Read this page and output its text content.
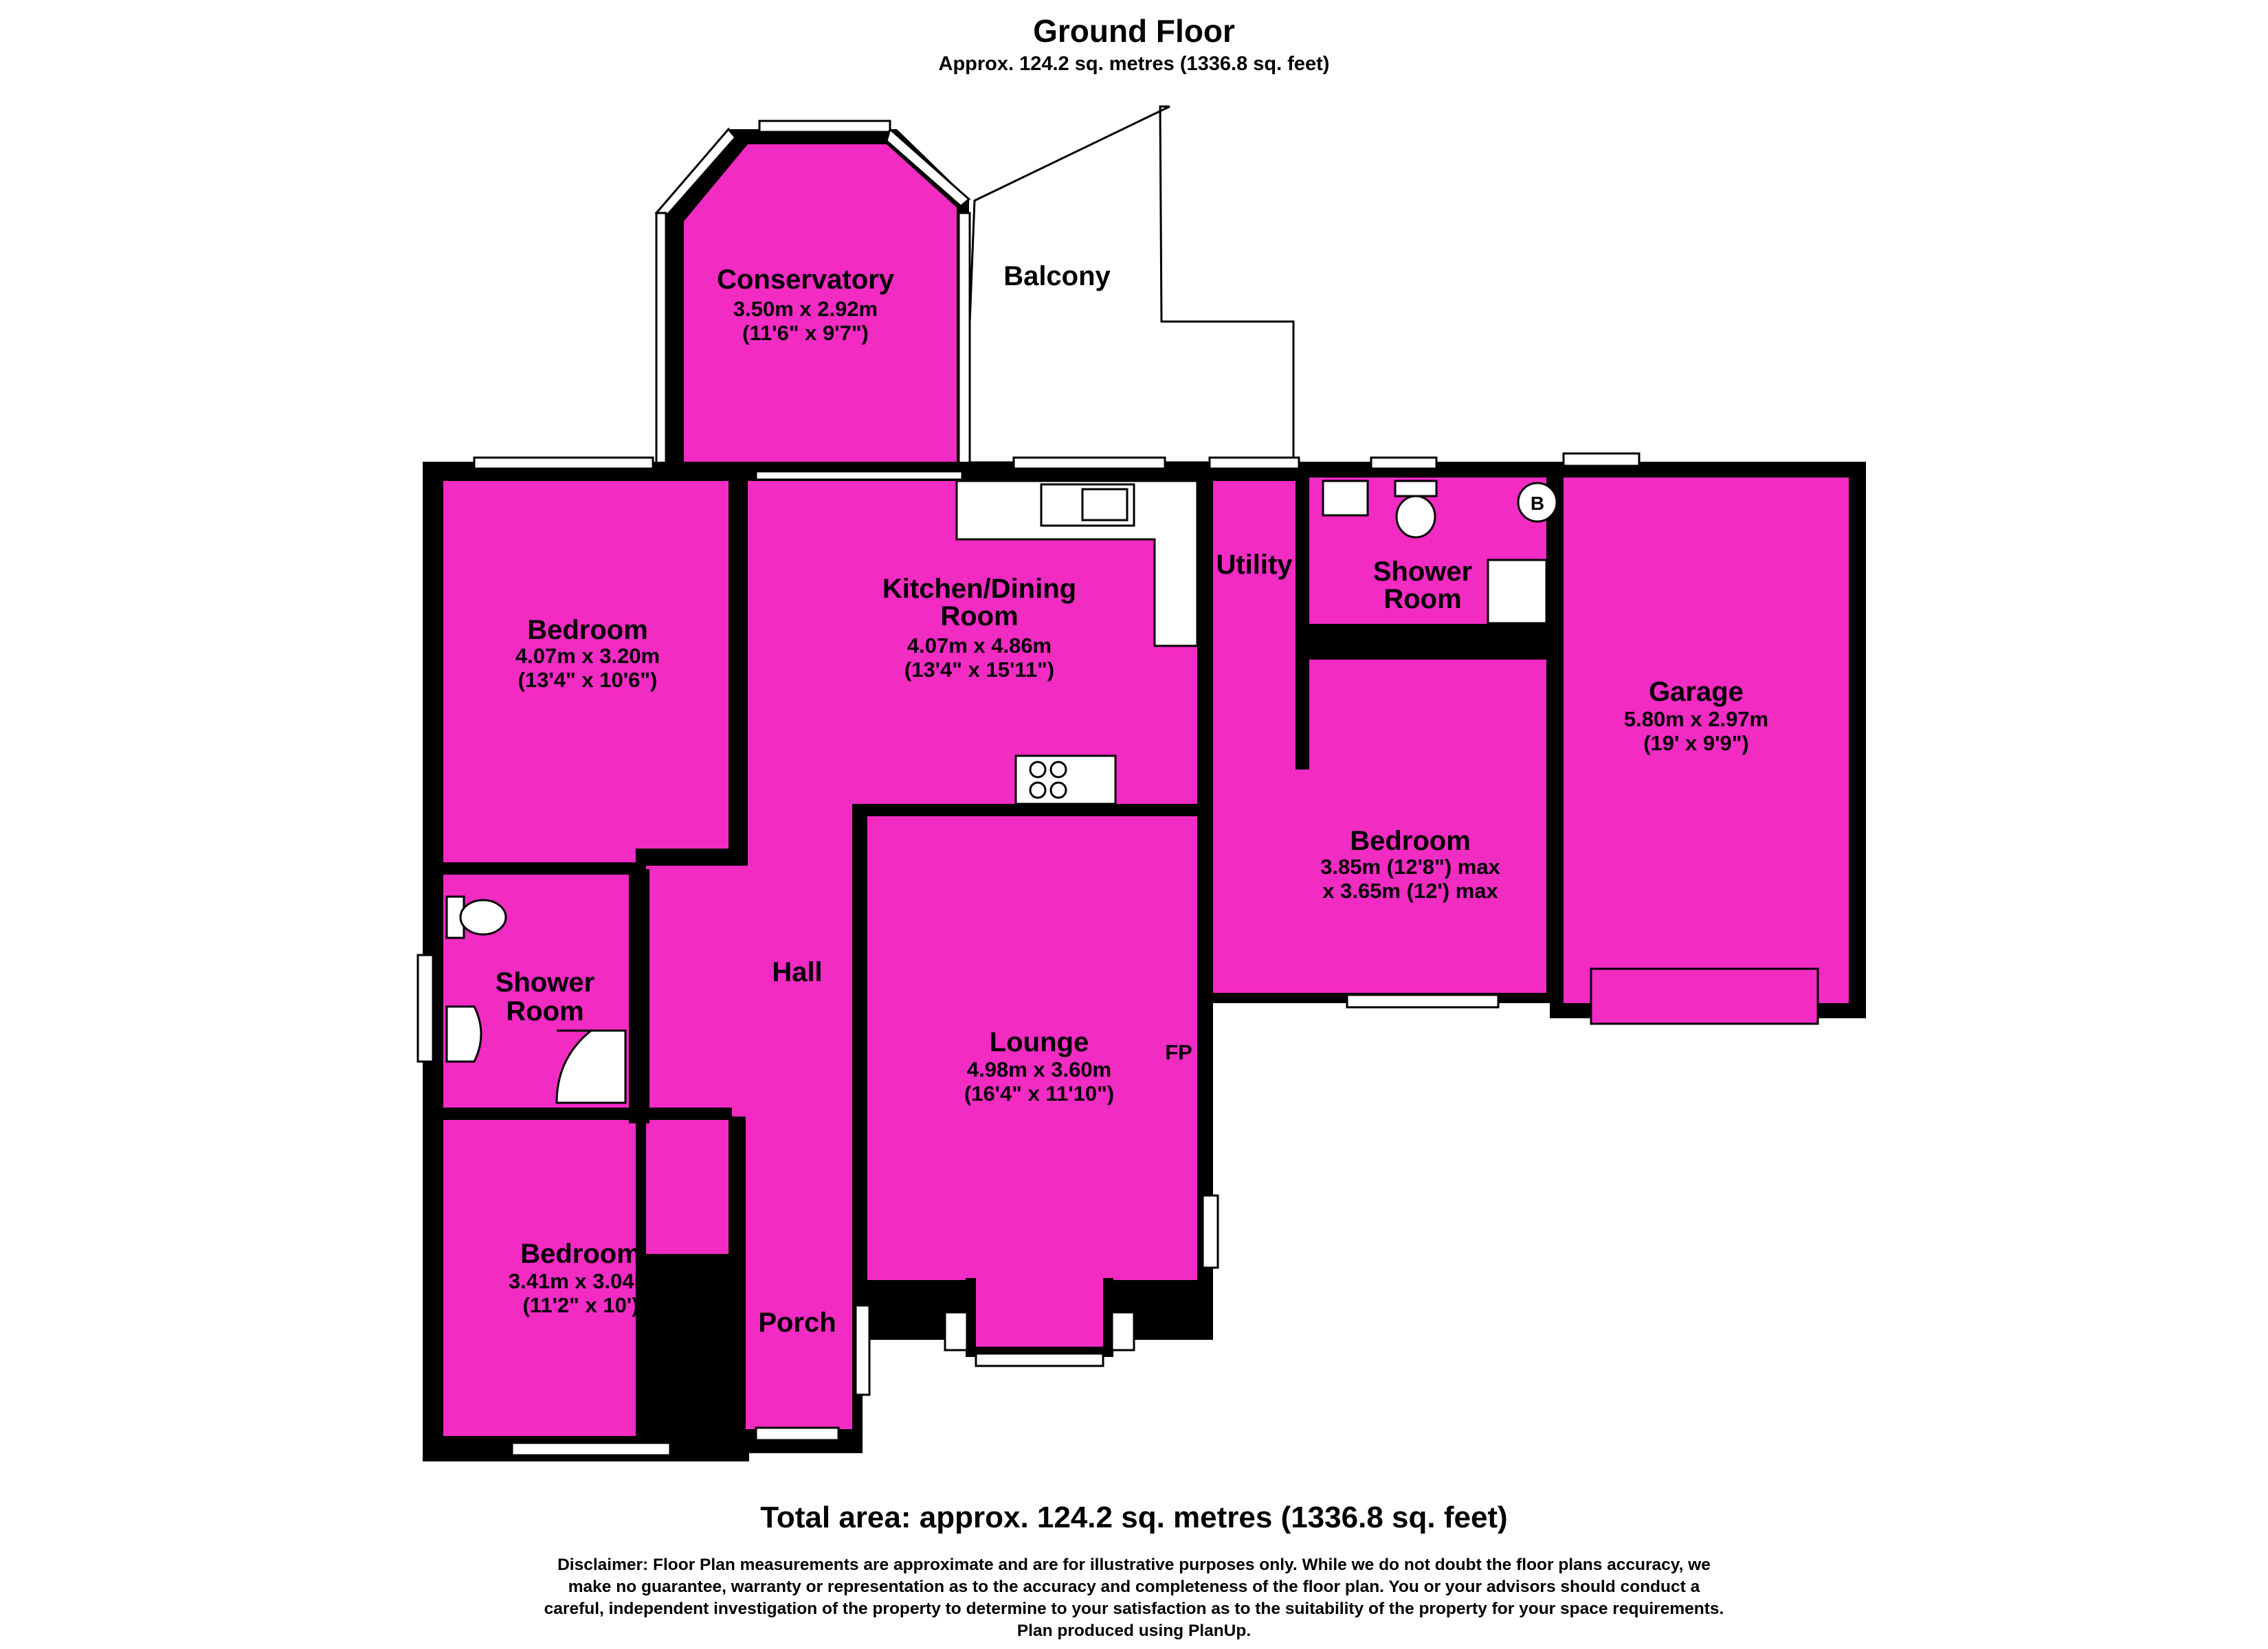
Ground Floor
Approx. 124.2 sq. metres (1336.8 sq. feet)
Conservatory
3.50m x 2.92m
(11'6" x 9'7")
Balcony
Bedroom
4.07m x 3.20m
(13'4" x 10'6")
Kitchen/Dining
Room
4.07m x 4.86m
(13'4" x 15'11")
Utility	Shower
Room
B
Garage
5.80m x 2.97m
(19' x 9'9")
Bedroom
3.85m (12'8") max
x 3.65m (12') max
Shower
Room
Hall
Lounge
4.98m x 3.60m
(16'4" x 11'10")
FP
Bedroom
3.41m x 3.04m
(11'2" x 10')
Porch
Total area: approx. 124.2 sq. metres (1336.8 sq. feet)
Disclaimer: Floor Plan measurements are approximate and are for illustrative purposes only. While we do not doubt the floor plans accuracy, we
make no guarantee, warranty or representation as to the accuracy and completeness of the floor plan. You or your advisors should conduct a
careful, independent investigation of the property to determine to your satisfaction as to the suitability of the property for your space requirements.
Plan produced using PlanUp.
